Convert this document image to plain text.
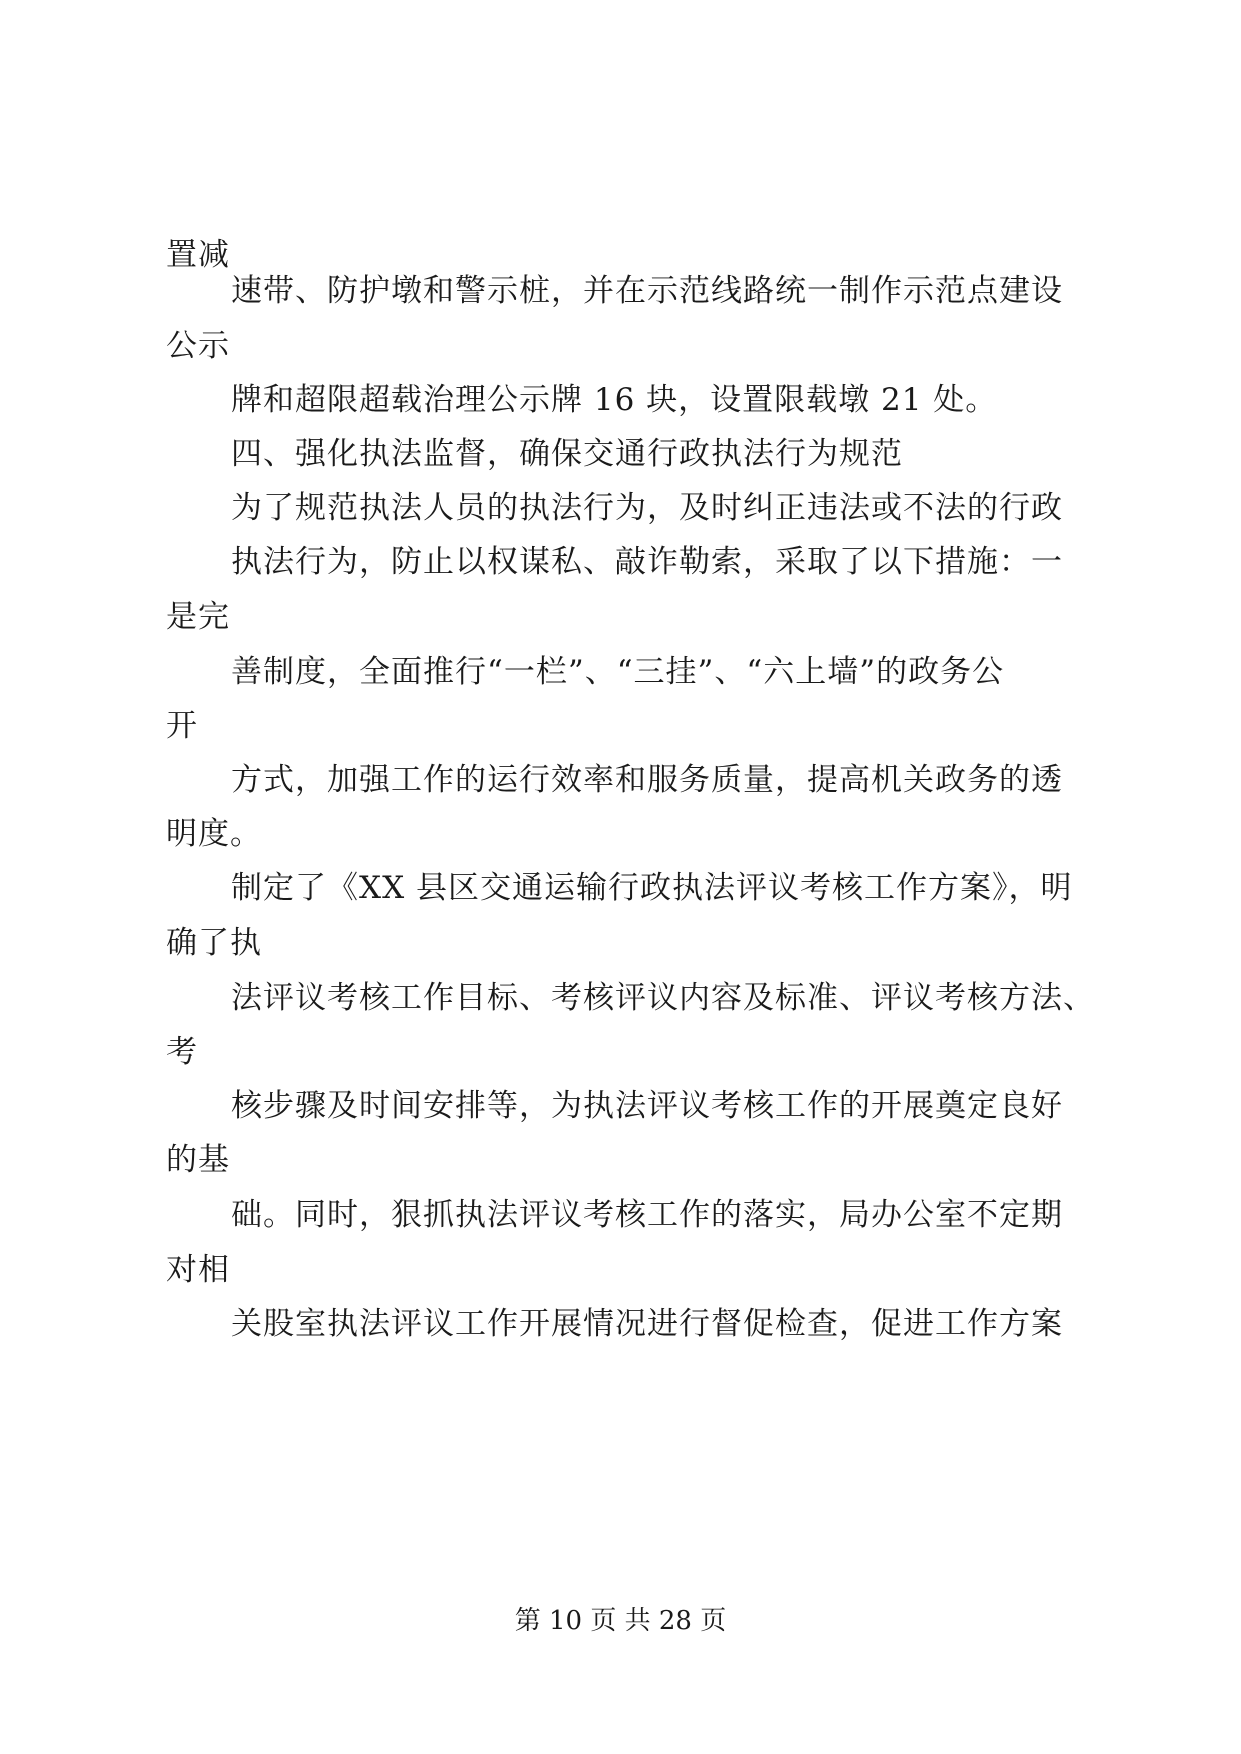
置减
速带、防护墩和警示桩，并在示范线路统一制作示范点建设
公示
牌和超限超载治理公示牌 16 块，设置限载墩 21 处。
四、强化执法监督，确保交通行政执法行为规范
为了规范执法人员的执法行为，及时纠正违法或不法的行政
执法行为，防止以权谋私、敲诈勒索，采取了以下措施：一
是完
善制度，全面推行“一栏”、“三挂”、“六上墙”的政务公
开
方式，加强工作的运行效率和服务质量，提高机关政务的透
明度。
制定了《XX 县区交通运输行政执法评议考核工作方案》，明
确了执
法评议考核工作目标、考核评议内容及标准、评议考核方法、
考
核步骤及时间安排等，为执法评议考核工作的开展奠定良好
的基
础。同时，狠抓执法评议考核工作的落实，局办公室不定期
对相
关股室执法评议工作开展情况进行督促检查，促进工作方案
第 10 页 共 28 页
